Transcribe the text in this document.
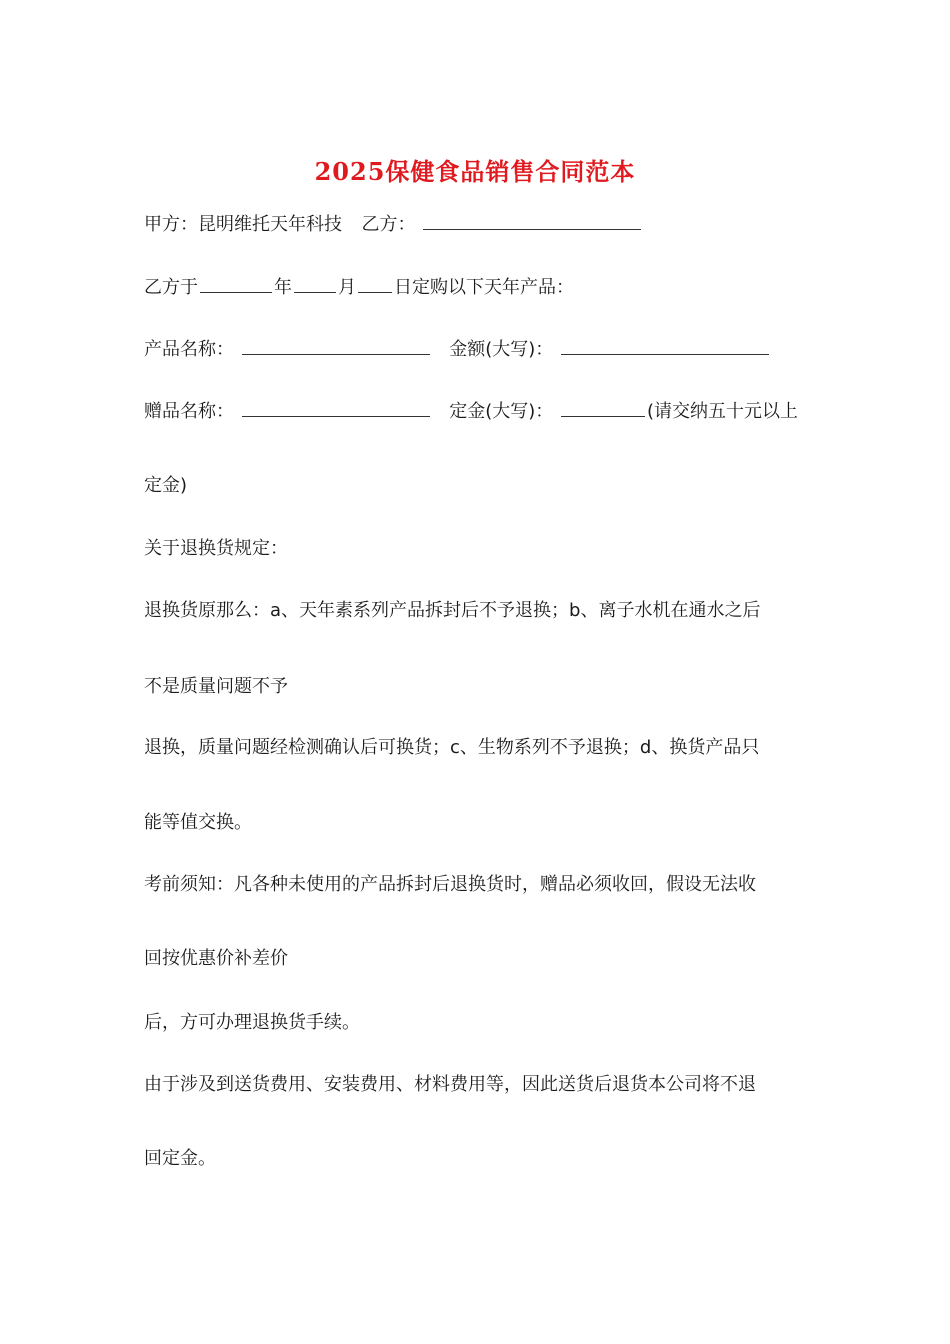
2025保健食品销售合同范本
甲方：昆明维托天年科技 乙方：
乙方于	年	月 日定购以下天年产品：
产品名称：	金额(大写)：
赠品名称：	定金(大写)：	(请交纳五十元以上
定金)
关于退换货规定：
退换货原那么：a、天年素系列产品拆封后不予退换；b、离子水机在通水之后
不是质量问题不予
退换，质量问题经检测确认后可换货；c、生物系列不予退换；d、换货产品只
能等值交换。
考前须知：凡各种未使用的产品拆封后退换货时，赠品必须收回，假设无法收
回按优惠价补差价
后，方可办理退换货手续。
由于涉及到送货费用、安装费用、材料费用等，因此送货后退货本公司将不退
回定金。
